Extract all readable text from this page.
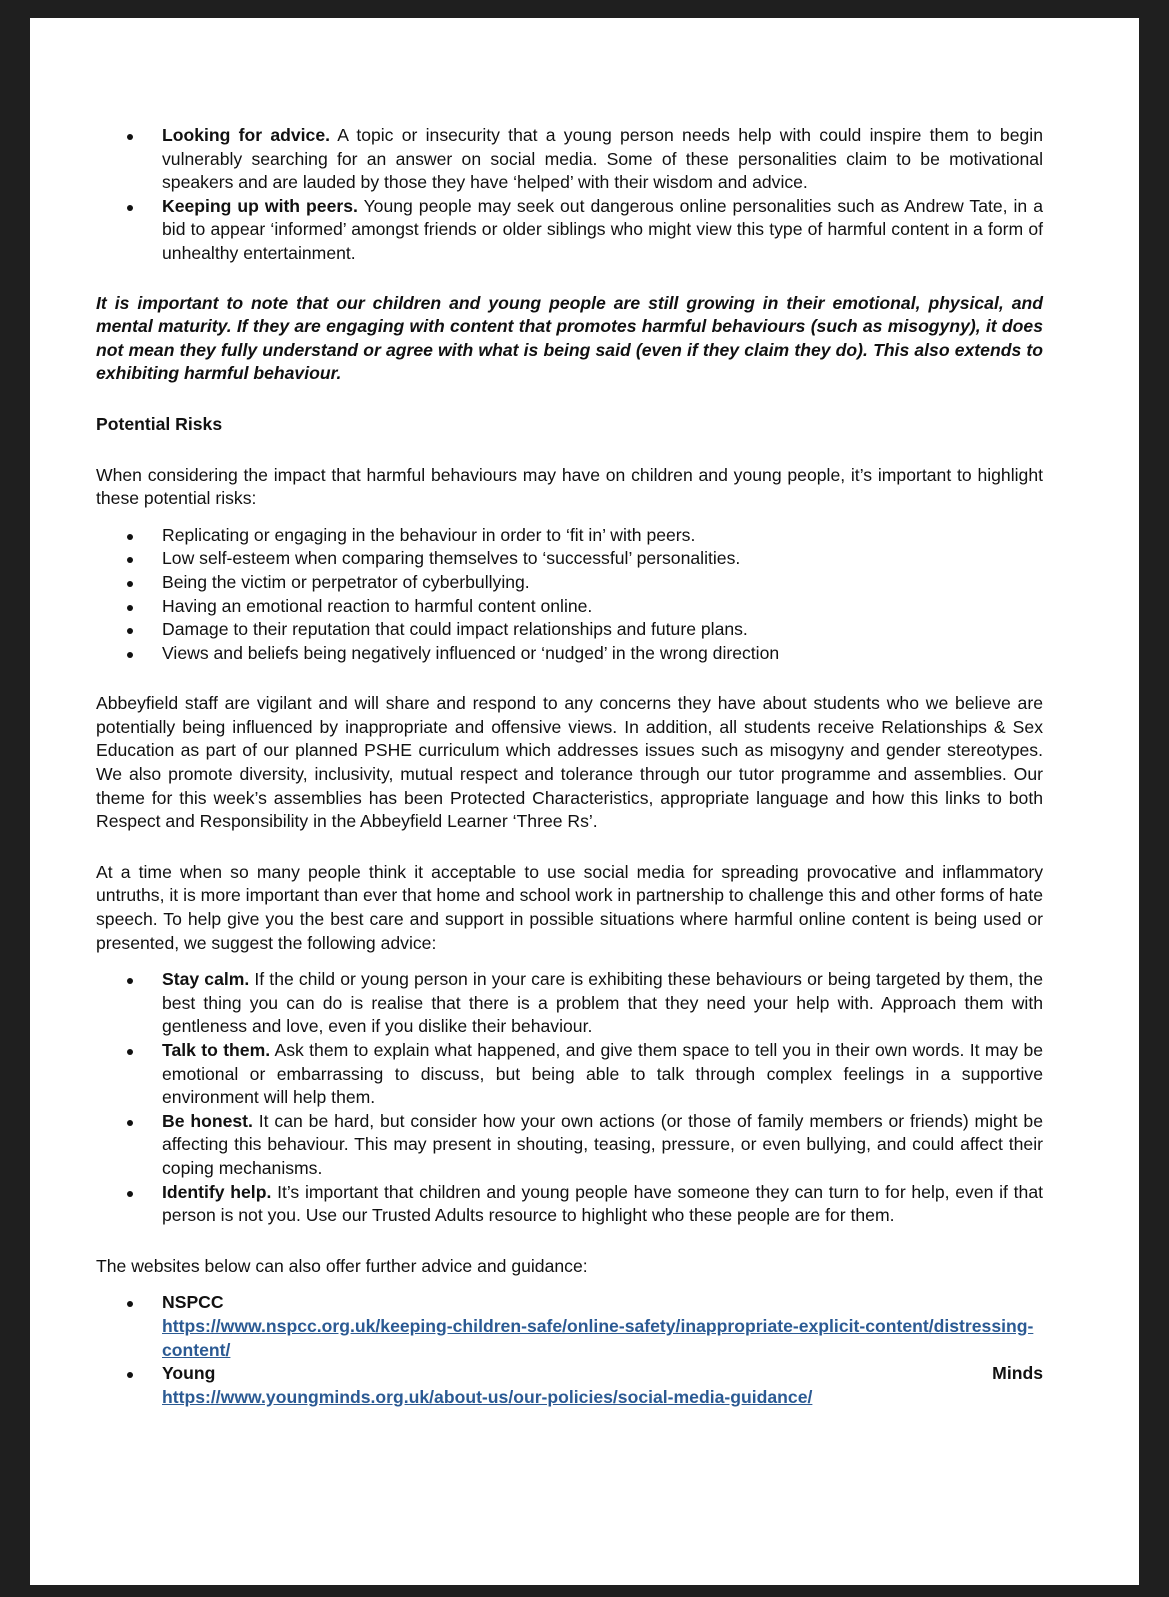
Looking for advice. A topic or insecurity that a young person needs help with could inspire them to begin vulnerably searching for an answer on social media. Some of these personalities claim to be motivational speakers and are lauded by those they have ‘helped’ with their wisdom and advice.
Keeping up with peers. Young people may seek out dangerous online personalities such as Andrew Tate, in a bid to appear ‘informed’ amongst friends or older siblings who might view this type of harmful content in a form of unhealthy entertainment.

It is important to note that our children and young people are still growing in their emotional, physical, and mental maturity. If they are engaging with content that promotes harmful behaviours (such as misogyny), it does not mean they fully understand or agree with what is being said (even if they claim they do). This also extends to exhibiting harmful behaviour.

Potential Risks

When considering the impact that harmful behaviours may have on children and young people, it’s important to highlight these potential risks:

Replicating or engaging in the behaviour in order to ‘fit in’ with peers.
Low self-esteem when comparing themselves to ‘successful’ personalities.
Being the victim or perpetrator of cyberbullying.
Having an emotional reaction to harmful content online.
Damage to their reputation that could impact relationships and future plans.
Views and beliefs being negatively influenced or ‘nudged’ in the wrong direction

Abbeyfield staff are vigilant and will share and respond to any concerns they have about students who we believe are potentially being influenced by inappropriate and offensive views. In addition, all students receive Relationships & Sex Education as part of our planned PSHE curriculum which addresses issues such as misogyny and gender stereotypes. We also promote diversity, inclusivity, mutual respect and tolerance through our tutor programme and assemblies. Our theme for this week’s assemblies has been Protected Characteristics, appropriate language and how this links to both Respect and Responsibility in the Abbeyfield Learner ‘Three Rs’.

At a time when so many people think it acceptable to use social media for spreading provocative and inflammatory untruths, it is more important than ever that home and school work in partnership to challenge this and other forms of hate speech. To help give you the best care and support in possible situations where harmful online content is being used or presented, we suggest the following advice:

Stay calm. If the child or young person in your care is exhibiting these behaviours or being targeted by them, the best thing you can do is realise that there is a problem that they need your help with. Approach them with gentleness and love, even if you dislike their behaviour.
Talk to them. Ask them to explain what happened, and give them space to tell you in their own words. It may be emotional or embarrassing to discuss, but being able to talk through complex feelings in a supportive environment will help them.
Be honest. It can be hard, but consider how your own actions (or those of family members or friends) might be affecting this behaviour. This may present in shouting, teasing, pressure, or even bullying, and could affect their coping mechanisms.
Identify help. It’s important that children and young people have someone they can turn to for help, even if that person is not you. Use our Trusted Adults resource to highlight who these people are for them.

The websites below can also offer further advice and guidance:

NSPCC
https://www.nspcc.org.uk/keeping-children-safe/online-safety/inappropriate-explicit-content/distressing-content/
Young	Minds
https://www.youngminds.org.uk/about-us/our-policies/social-media-guidance/
